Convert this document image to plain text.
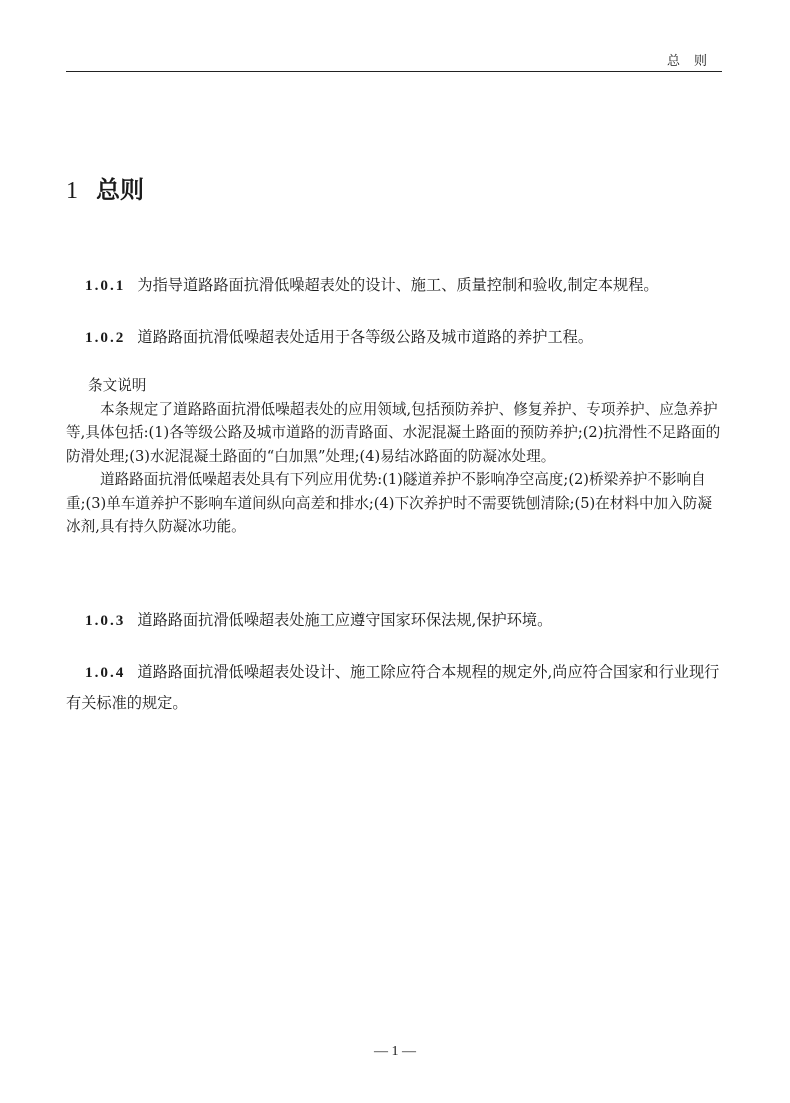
总则
1 总则
1.0.1 为指导道路路面抗滑低噪超表处的设计、施工、质量控制和验收,制定本规程。
1.0.2 道路路面抗滑低噪超表处适用于各等级公路及城市道路的养护工程。
条文说明

本条规定了道路路面抗滑低噪超表处的应用领域,包括预防养护、修复养护、专项养护、应急养护等,具体包括:(1)各等级公路及城市道路的沥青路面、水泥混凝土路面的预防养护;(2)抗滑性不足路面的防滑处理;(3)水泥混凝土路面的“白加黑”处理;(4)易结冰路面的防凝冰处理。

道路路面抗滑低噪超表处具有下列应用优势:(1)隧道养护不影响净空高度;(2)桥梁养护不影响自重;(3)单车道养护不影响车道间纵向高差和排水;(4)下次养护时不需要铣刨清除;(5)在材料中加入防凝冰剂,具有持久防凝冰功能。

1.0.3 道路路面抗滑低噪超表处施工应遵守国家环保法规,保护环境。
1.0.4 道路路面抗滑低噪超表处设计、施工除应符合本规程的规定外,尚应符合国家和行业现行有关标准的规定。
— 1 —
